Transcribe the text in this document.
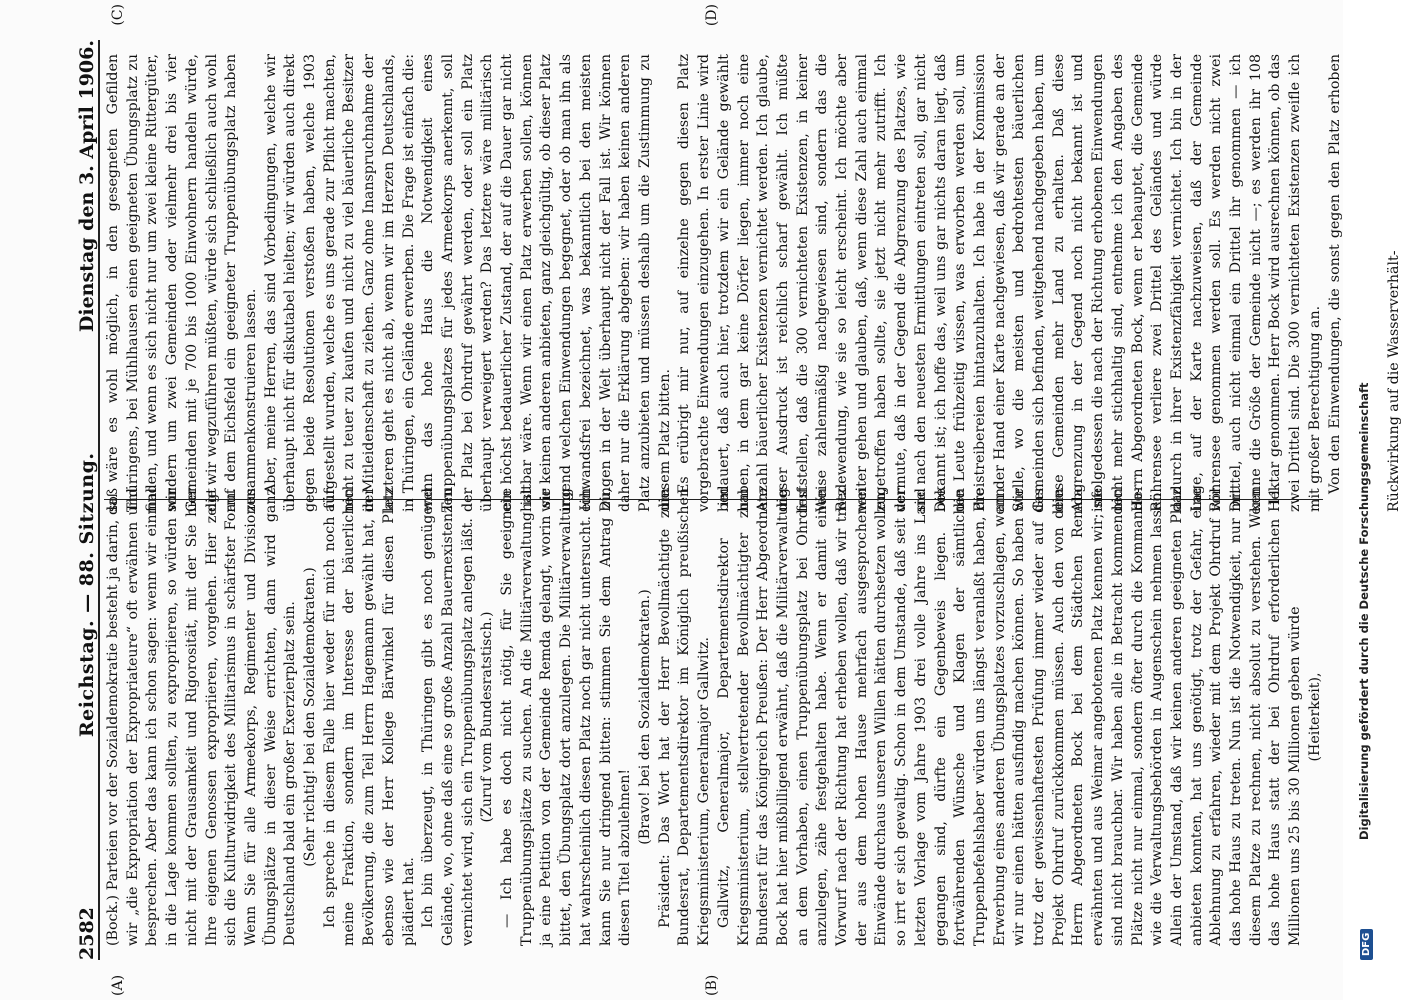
2582
Reichstag. — 88. Sitzung.
Dienstag den 3. April 1906.
(A)	(B)
(C)	(D)

(Bock.) Parteien vor der Sozialdemokratie besteht ja darin, daß wir „die Expropriation der Expropriateure“ oft erwähnen und besprechen. Aber das kann ich schon sagen: wenn wir einmal in die Lage kommen sollten, zu expropriieren, so würden wir nicht mit der Grausamkeit und Rigorosität, mit der Sie hier Ihre eigenen Genossen expropriieren, vorgehen. Hier zeigt sich die Kulturwidrigkeit des Militarismus in schärfster Form. Wenn Sie für alle Armeekorps, Regimenter und Divisionen Übungsplätze in dieser Weise errichten, dann wird ganz Deutschland bald ein großer Exerzierplatz sein. (Sehr richtig! bei den Sozialdemokraten.) Ich spreche in diesem Falle hier weder für mich noch für meine Fraktion, sondern im Interesse der bäuerlichen Bevölkerung, die zum Teil Herrn Hagemann gewählt hat, der ebenso wie der Herr Kollege Bärwinkel für diesen Platz plädiert hat. Ich bin überzeugt, in Thüringen gibt es noch genügend Gelände, wo, ohne daß eine so große Anzahl Bauernexistenzen vernichtet wird, sich ein Truppenübungsplatz anlegen läßt. (Zuruf vom Bundesratstisch.) — Ich habe es doch nicht nötig, für Sie geeignete Truppenübungsplätze zu suchen. An die Militärverwaltung ist ja eine Petition von der Gemeinde Remda gelangt, worin sie bittet, den Übungsplatz dort anzulegen. Die Militärverwaltung hat wahrscheinlich diesen Platz noch gar nicht untersucht. Ich kann Sie nur dringend bitten: stimmen Sie dem Antrag zu, diesen Titel abzulehnen!

(Bravo! bei den Sozialdemokraten.) Präsident: Das Wort hat der Herr Bevollmächtigte zum Bundesrat, Departementsdirektor im Königlich preußischen Kriegsministerium, Generalmajor Gallwitz. Gallwitz, Generalmajor, Departementsdirektor im Kriegsministerium, stellvertretender Bevollmächtigter zum Bundesrat für das Königreich Preußen: Der Herr Abgeordnete Bock hat hier mißbilligend erwähnt, daß die Militärverwaltung an dem Vorhaben, einen Truppenübungsplatz bei Ohrdruf anzulegen, zähe festgehalten habe. Wenn er damit einen Vorwurf nach der Richtung hat erheben wollen, daß wir trotz der aus dem hohen Hause mehrfach ausgesprochenen Einwände durchaus unseren Willen hätten durchsetzen wollen, so irrt er sich gewaltig. Schon in dem Umstande, daß seit der letzten Vorlage vom Jahre 1903 drei volle Jahre ins Land gegangen sind, dürfte ein Gegenbeweis liegen. Die fortwährenden Wünsche und Klagen der sämtlichen Truppenbefehlshaber würden uns längst veranlaßt haben, die Erwerbung eines anderen Übungsplatzes vorzuschlagen, wenn wir nur einen hätten ausfindig machen können. So haben wir trotz der gewissenhaftesten Prüfung immer wieder auf das Projekt Ohrdruf zurückkommen müssen. Auch den von dem Herrn Abgeordneten Bock bei dem Städtchen Remda erwähnten und aus Weimar angebotenen Platz kennen wir; sie sind nicht brauchbar. Wir haben alle in Betracht kommenden Plätze nicht nur einmal, sondern öfter durch die Kommando- wie die Verwaltungsbehörden in Augenschein nehmen lassen. Allein der Umstand, daß wir keinen anderen geeigneten Platz anbieten konnten, hat uns genötigt, trotz der Gefahr, eine Ablehnung zu erfahren, wieder mit dem Projekt Ohrdruf vor das hohe Haus zu treten. Nun ist die Notwendigkeit, nur mit diesem Platze zu rechnen, nicht absolut zu verstehen. Wenn das hohe Haus statt der bei Ohrdruf erforderlichen 11 Millionen uns 25 bis 30 Millionen geben würde (Heiterkeit),

so wäre es wohl möglich, in den gesegneten Gefilden Thüringens, bei Mühlhausen einen geeigneten Übungsplatz zu finden, und wenn es sich nicht nur um zwei kleine Rittergüter, sondern um zwei Gemeinden oder vielmehr drei bis vier Gemeinden mit je 700 bis 1000 Einwohnern handeln würde, die wir wegzuführen müßten, würde sich schließlich auch wohl auf dem Eichsfeld ein geeigneter Truppenübungsplatz haben zusammenkonstruieren lassen. Aber, meine Herren, das sind Vorbedingungen, welche wir überhaupt nicht für diskutabel hielten; wir würden auch direkt gegen beide Resolutionen verstoßen haben, welche 1903 aufgestellt wurden, welche es uns gerade zur Pflicht machten, nicht zu teuer zu kaufen und nicht zu viel bäuerliche Besitzer in Mitleidenschaft zu ziehen. Ganz ohne Inanspruchnahme der letzteren geht es nicht ab, wenn wir im Herzen Deutschlands, in Thüringen, ein Gelände erwerben. Die Frage ist einfach die: wenn das hohe Haus die Notwendigkeit eines Truppenübungsplatzes für jedes Armeekorps anerkennt, soll der Platz bei Ohrdruf gewährt werden, oder soll ein Platz überhaupt verweigert werden? Das letztere wäre militärisch ein höchst bedauerlicher Zustand, der auf die Dauer gar nicht haltbar wäre. Wenn wir einen Platz erwerben sollen, können wir keinen anderen anbieten, ganz gleichgültig, ob dieser Platz irgend welchen Einwendungen begegnet, oder ob man ihn als einwandsfrei bezeichnet, was bekanntlich bei den meisten Dingen in der Welt überhaupt nicht der Fall ist. Wir können daher nur die Erklärung abgeben: wir haben keinen anderen Platz anzubieten und müssen deshalb um die Zustimmung zu diesem Platz bitten. Es erübrigt mir nur, auf einzelne gegen diesen Platz vorgebrachte Einwendungen einzugehen. In erster Linie wird bedauert, daß auch hier, trotzdem wir ein Gelände gewählt haben, in dem gar keine Dörfer liegen, immer noch eine Anzahl bäuerlicher Existenzen vernichtet werden. Ich glaube, dieser Ausdruck ist reichlich scharf gewählt. Ich müßte feststellen, daß die 300 vernichteten Existenzen, in keiner Weise zahlenmäßig nachgewiesen sind, sondern das die Redewendung, wie sie so leicht erscheint. Ich möchte aber weiter gehen und glauben, daß, wenn diese Zahl auch einmal zugetroffen haben sollte, sie jetzt nicht mehr zutrifft. Ich vermute, daß in der Gegend die Abgrenzung des Platzes, wie sie nach den neuesten Ermittlungen eintreten soll, gar nicht bekannt ist; ich hoffe das, weil uns gar nichts daran liegt, daß die Leute frühzeitig wissen, was erworben werden soll, um Preistreibereien hintanzuhalten. Ich habe in der Kommission an der Hand einer Karte nachgewiesen, daß wir gerade an der Stelle, wo die meisten und bedrohtesten bäuerlichen Gemeinden sich befinden, weitgehend nachgegeben haben, um diese Gemeinden mehr Land zu erhalten. Daß diese Abgrenzung in der Gegend noch nicht bekannt ist und infolgedessen die nach der Richtung erhobenen Einwendungen nicht mehr stichhaltig sind, entnehme ich den Angaben des Herrn Abgeordneten Bock, wenn er behauptet, die Gemeinde Röhrensee verliere zwei Drittel des Geländes und würde dadurch in ihrer Existenzfähigkeit vernichtet. Ich bin in der Lage, auf der Karte nachzuweisen, daß der Gemeinde Röhrensee genommen werden soll. Es werden nicht zwei Drittel, auch nicht einmal ein Drittel ihr genommen — ich kenne die Größe der Gemeinde nicht —; es werden ihr 108 Hektar genommen. Herr Bock wird ausrechnen können, ob das zwei Drittel sind. Die 300 vernichteten Existenzen zweifle ich mit großer Berechtigung an. Von den Einwendungen, die sonst gegen den Platz erhoben Rückwirkung auf die Wasserverhält-

DFG
Digitalisierung gefördert durch die Deutsche Forschungsgemeinschaft
